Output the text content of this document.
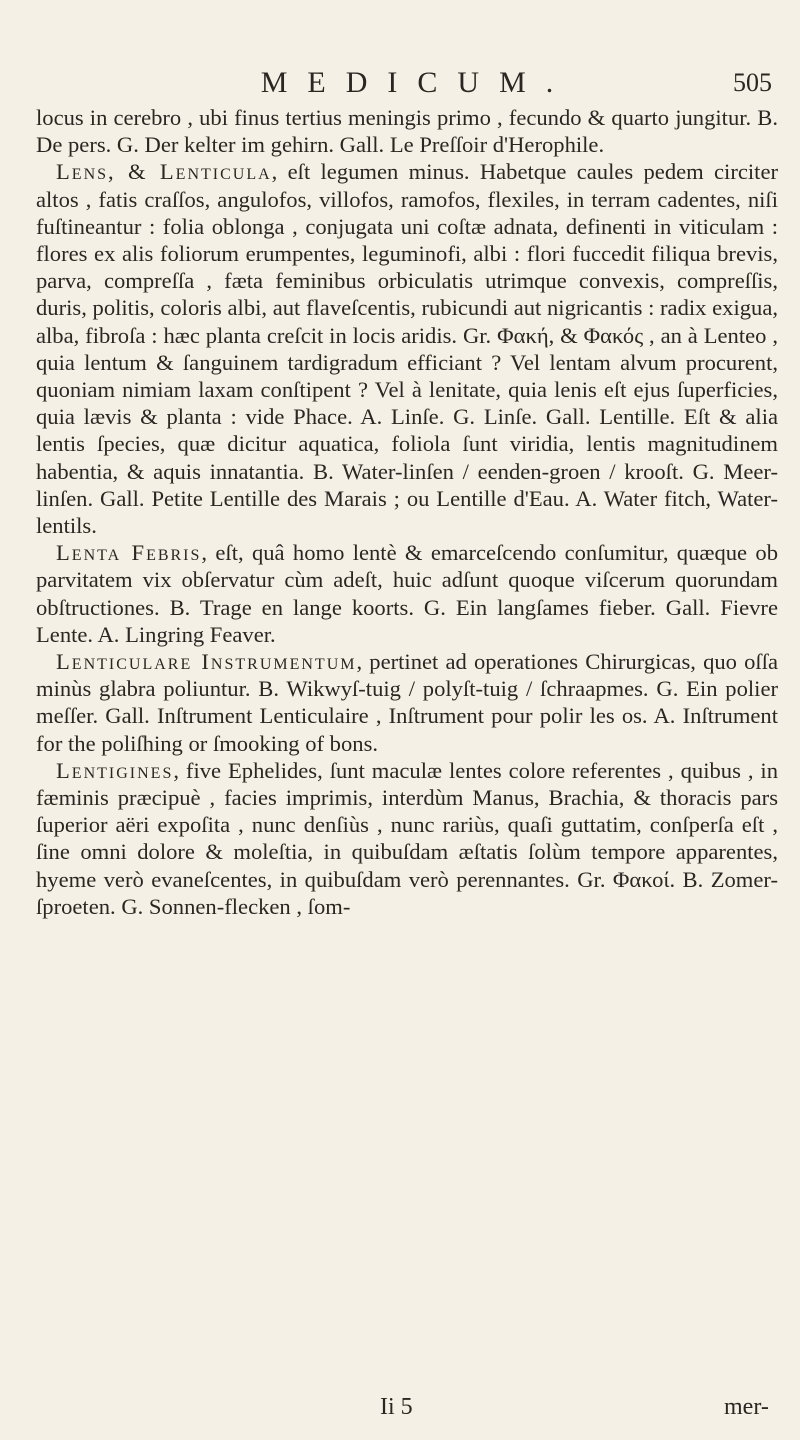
MEDICUM.	505

locus in cerebro , ubi finus tertius meningis primo , fecundo & quarto jungitur. B. De pers. G. Der kelter im gehirn. Gall. Le Preſſoir d'Herophile.

Lens, & Lenticula, eſt legumen minus. Habetque caules pedem circiter altos , fatis craſſos, angulofos, villofos, ramofos, flexiles, in terram cadentes, niſi fuſtineantur : folia oblonga , conjugata uni coſtæ adnata, definenti in viticulam : flores ex alis foliorum erumpentes, leguminofi, albi : flori fuccedit filiqua brevis, parva, compreſſa , fæta feminibus orbiculatis utrimque convexis, compreſſis, duris, politis, coloris albi, aut flaveſcentis, rubicundi aut nigricantis : radix exigua, alba, fibroſa : hæc planta creſcit in locis aridis. Gr. Φακή, & Φακός , an à Lenteo , quia lentum & ſanguinem tardigradum efficiant ? Vel lentam alvum procurent, quoniam nimiam laxam conſtipent ? Vel à lenitate, quia lenis eſt ejus ſuperficies, quia lævis & planta : vide Phace. A. Linſe. G. Linſe. Gall. Lentille. Eſt & alia lentis ſpecies, quæ dicitur aquatica, foliola ſunt viridia, lentis magnitudinem habentia, & aquis innatantia. B. Water-linſen / eenden-groen / krooſt. G. Meer-linſen. Gall. Petite Lentille des Marais ; ou Lentille d'Eau. A. Water fitch, Water-lentils.

Lenta Febris, eſt, quâ homo lentè & emarceſcendo conſumitur, quæque ob parvitatem vix obſervatur cùm adeſt, huic adſunt quoque viſcerum quorundam obſtructiones. B. Trage en lange koorts. G. Ein langſames fieber. Gall. Fievre Lente. A. Lingring Feaver.

Lenticulare Instrumentum, pertinet ad operationes Chirurgicas, quo oſſa minùs glabra poliuntur. B. Wikwyſ-tuig / polyſt-tuig / ſchraapmes. G. Ein polier meſſer. Gall. Inſtrument Lenticulaire , Inſtrument pour polir les os. A. Inſtrument for the poliſhing or ſmooking of bons.

Lentigines, five Ephelides, ſunt maculæ lentes colore referentes , quibus , in fæminis præcipuè , facies imprimis, interdùm Manus, Brachia, & thoracis pars ſuperior aëri expoſita , nunc denſiùs , nunc rariùs, quaſi guttatim, conſperſa eſt , ſine omni dolore & moleſtia, in quibuſdam æſtatis ſolùm tempore apparentes, hyeme verò evaneſcentes, in quibuſdam verò perennantes. Gr. Φακοί. B. Zomer-ſproeten. G. Sonnen-flecken , ſom-

Ii 5	mer-
